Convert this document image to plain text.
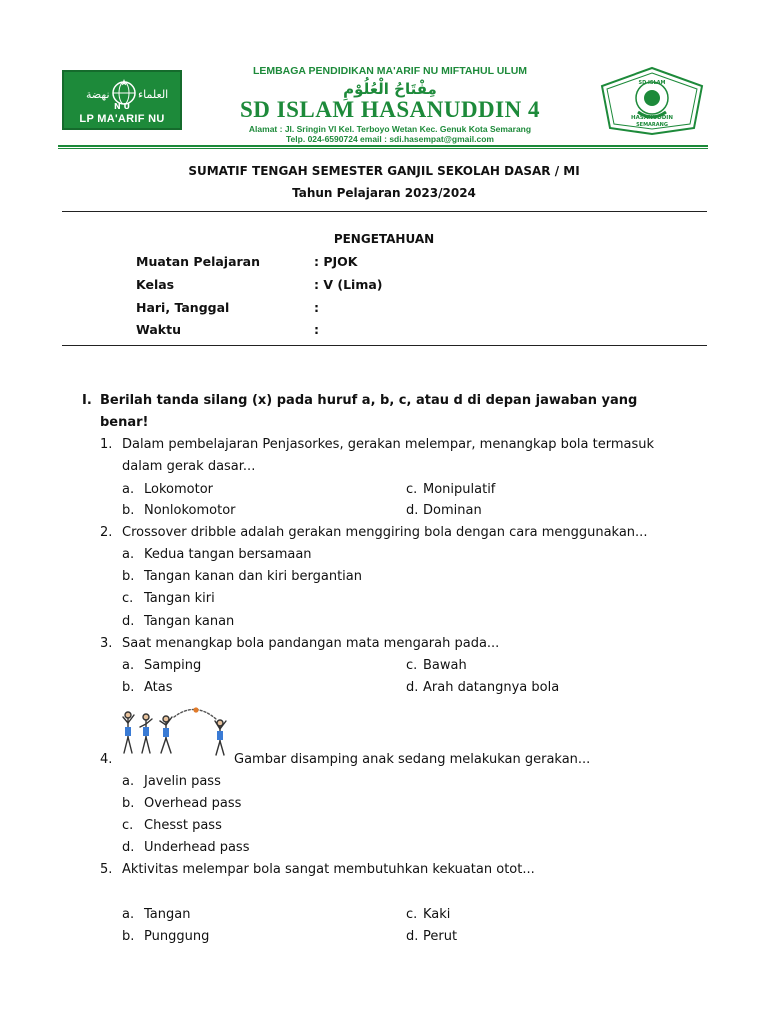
ﻧﻬﻀﺔ	ﺍﻟﻌﻠﻤﺎﺀ
N U
LP MA'ARIF NU
LEMBAGA PENDIDIKAN MA'ARIF NU MIFTAHUL ULUM
مِفْتَاحُ الْعُلُوْمِ
SD ISLAM HASANUDDIN 4
Alamat : Jl. Sringin VI Kel. Terboyo Wetan Kec. Genuk Kota Semarang
Telp. 024-6590724 email : sdi.hasempat@gmail.com
SD ISLAM
HASANUDDIN
SEMARANG
SUMATIF TENGAH SEMESTER GANJIL SEKOLAH DASAR / MI
Tahun Pelajaran 2023/2024
PENGETAHUAN
Muatan Pelajaran	: PJOK
Kelas	: V (Lima)
Hari, Tanggal	:
Waktu	:
I. Berilah tanda silang (x) pada huruf a, b, c, atau d di depan jawaban yang
benar!
1. Dalam pembelajaran Penjasorkes, gerakan melempar, menangkap bola termasuk
dalam gerak dasar...
a. Lokomotor
b. Nonlokomotor
c. Monipulatif
d. Dominan
2. Crossover dribble adalah gerakan menggiring bola dengan cara menggunakan...
a. Kedua tangan bersamaan
b. Tangan kanan dan kiri bergantian
c. Tangan kiri
d. Tangan kanan
3. Saat menangkap bola pandangan mata mengarah pada...
a. Samping
b. Atas
c. Bawah
d. Arah datangnya bola
4.	Gambar disamping anak sedang melakukan gerakan...
a. Javelin pass
b. Overhead pass
c. Chesst pass
d. Underhead pass
5. Aktivitas melempar bola sangat membutuhkan kekuatan otot...
a. Tangan
b. Punggung
c. Kaki
d. Perut
